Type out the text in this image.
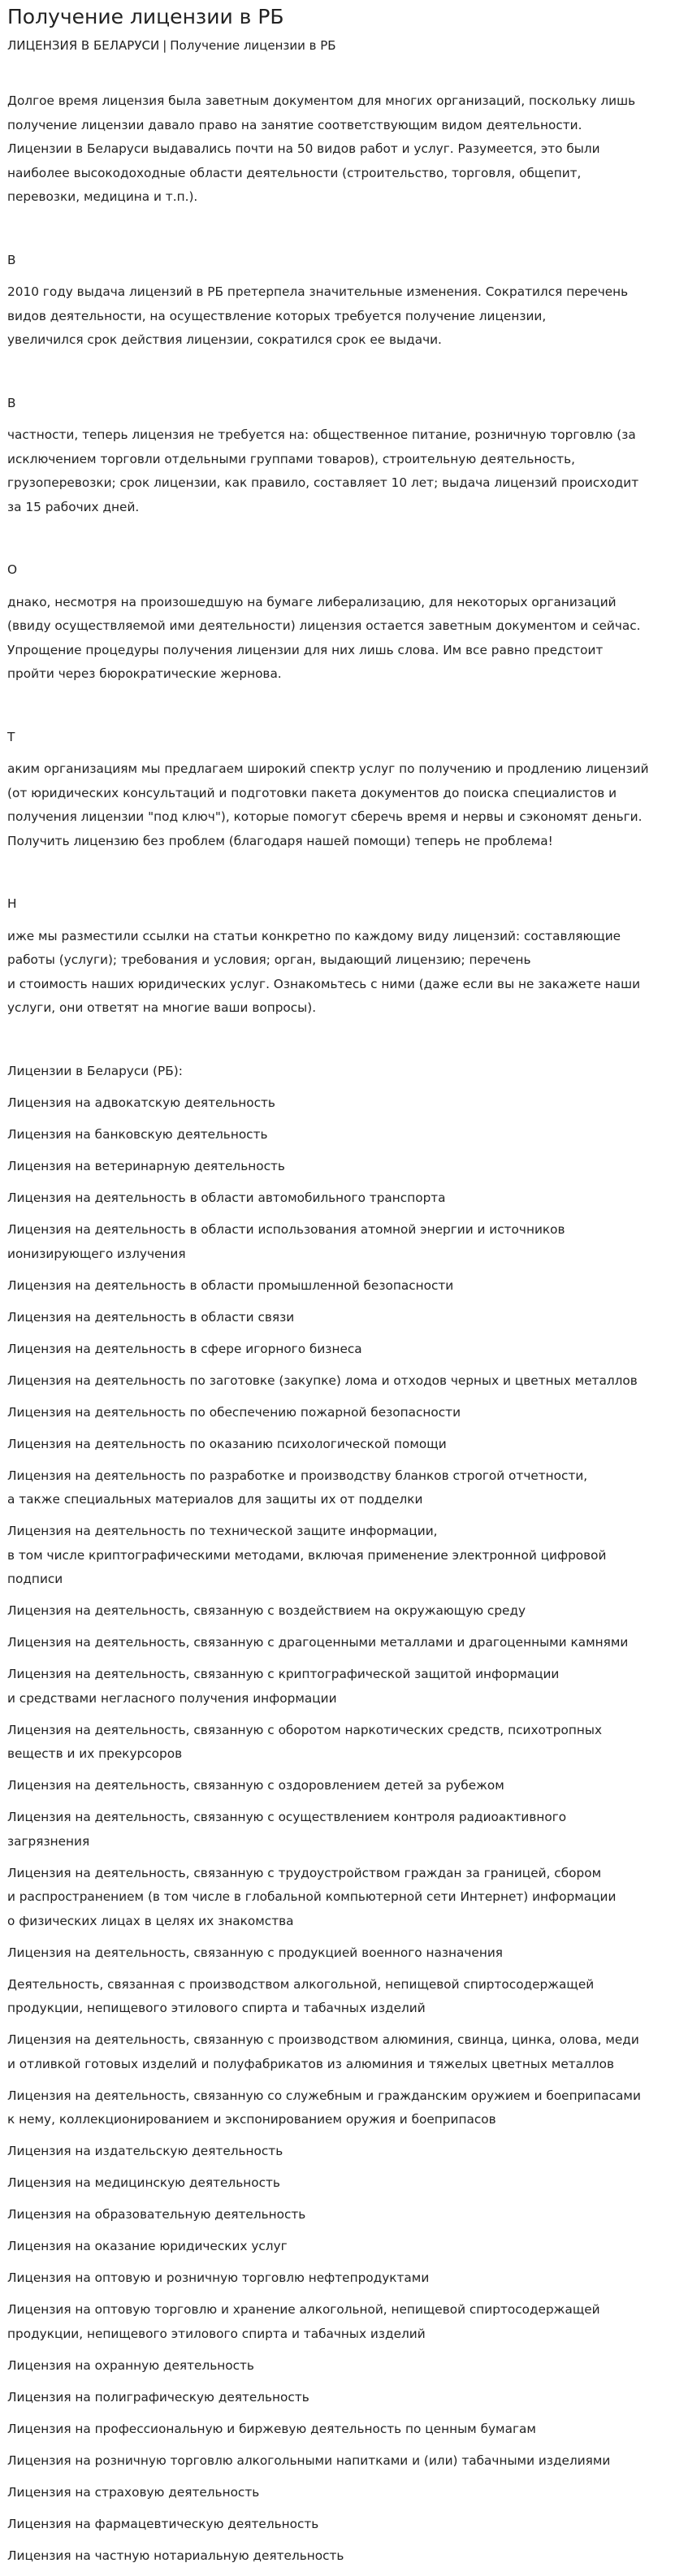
Получение лицензии в РБ
ЛИЦЕНЗИЯ В БЕЛАРУСИ | Получение лицензии в РБ
Долгое время лицензия была заветным документом для многих организаций, поскольку лишь
получение лицензии давало право на занятие соответствующим видом деятельности.
Лицензии в Беларуси выдавались почти на 50 видов работ и услуг. Разумеется, это были
наиболее высокодоходные области деятельности (строительство, торговля, общепит,
перевозки, медицина и т.п.).

В

2010 году выдача лицензий в РБ претерпела значительные изменения. Сократился перечень
видов деятельности, на осуществление которых требуется получение лицензии,
увеличился срок действия лицензии, сократился срок ее выдачи.

В

частности, теперь лицензия не требуется на: общественное питание, розничную торговлю (за
исключением торговли отдельными группами товаров), строительную деятельность,
грузоперевозки; срок лицензии, как правило, составляет 10 лет; выдача лицензий происходит
за 15 рабочих дней.

О

днако, несмотря на произошедшую на бумаге либерализацию, для некоторых организаций
(ввиду осуществляемой ими деятельности) лицензия остается заветным документом и сейчас.
Упрощение процедуры получения лицензии для них лишь слова. Им все равно предстоит
пройти через бюрократические жернова.

Т

аким организациям мы предлагаем широкий спектр услуг по получению и продлению лицензий
(от юридических консультаций и подготовки пакета документов до поиска специалистов и
получения лицензии "под ключ"), которые помогут сберечь время и нервы и сэкономят деньги.
Получить лицензию без проблем (благодаря нашей помощи) теперь не проблема!

Н

иже мы разместили ссылки на статьи конкретно по каждому виду лицензий: составляющие
работы (услуги); требования и условия; орган, выдающий лицензию; перечень
и стоимость наших юридических услуг. Ознакомьтесь с ними (даже если вы не закажете наши
услуги, они ответят на многие ваши вопросы).

Лицензии в Беларуси (РБ):

Лицензия на адвокатскую деятельность
Лицензия на банковскую деятельность
Лицензия на ветеринарную деятельность
Лицензия на деятельность в области автомобильного транспорта
Лицензия на деятельность в области использования атомной энергии и источников
ионизирующего излучения
Лицензия на деятельность в области промышленной безопасности
Лицензия на деятельность в области связи
Лицензия на деятельность в сфере игорного бизнеса
Лицензия на деятельность по заготовке (закупке) лома и отходов черных и цветных металлов
Лицензия на деятельность по обеспечению пожарной безопасности
Лицензия на деятельность по оказанию психологической помощи
Лицензия на деятельность по разработке и производству бланков строгой отчетности,
а также специальных материалов для защиты их от подделки
Лицензия на деятельность по технической защите информации,
в том числе криптографическими методами, включая применение электронной цифровой
подписи
Лицензия на деятельность, связанную с воздействием на окружающую среду
Лицензия на деятельность, связанную с драгоценными металлами и драгоценными камнями
Лицензия на деятельность, связанную с криптографической защитой информации
и средствами негласного получения информации
Лицензия на деятельность, связанную с оборотом наркотических средств, психотропных
веществ и их прекурсоров
Лицензия на деятельность, связанную с оздоровлением детей за рубежом
Лицензия на деятельность, связанную с осуществлением контроля радиоактивного
загрязнения
Лицензия на деятельность, связанную с трудоустройством граждан за границей, сбором
и распространением (в том числе в глобальной компьютерной сети Интернет) информации
о физических лицах в целях их знакомства
Лицензия на деятельность, связанную с продукцией военного назначения
Деятельность, связанная с производством алкогольной, непищевой спиртосодержащей
продукции, непищевого этилового спирта и табачных изделий
Лицензия на деятельность, связанную с производством алюминия, свинца, цинка, олова, меди
и отливкой готовых изделий и полуфабрикатов из алюминия и тяжелых цветных металлов
Лицензия на деятельность, связанную со служебным и гражданским оружием и боеприпасами
к нему, коллекционированием и экспонированием оружия и боеприпасов
Лицензия на издательскую деятельность
Лицензия на медицинскую деятельность
Лицензия на образовательную деятельность
Лицензия на оказание юридических услуг
Лицензия на оптовую и розничную торговлю нефтепродуктами
Лицензия на оптовую торговлю и хранение алкогольной, непищевой спиртосодержащей
продукции, непищевого этилового спирта и табачных изделий
Лицензия на охранную деятельность
Лицензия на полиграфическую деятельность
Лицензия на профессиональную и биржевую деятельность по ценным бумагам
Лицензия на розничную торговлю алкогольными напитками и (или) табачными изделиями
Лицензия на страховую деятельность
Лицензия на фармацевтическую деятельность
Лицензия на частную нотариальную деятельность
